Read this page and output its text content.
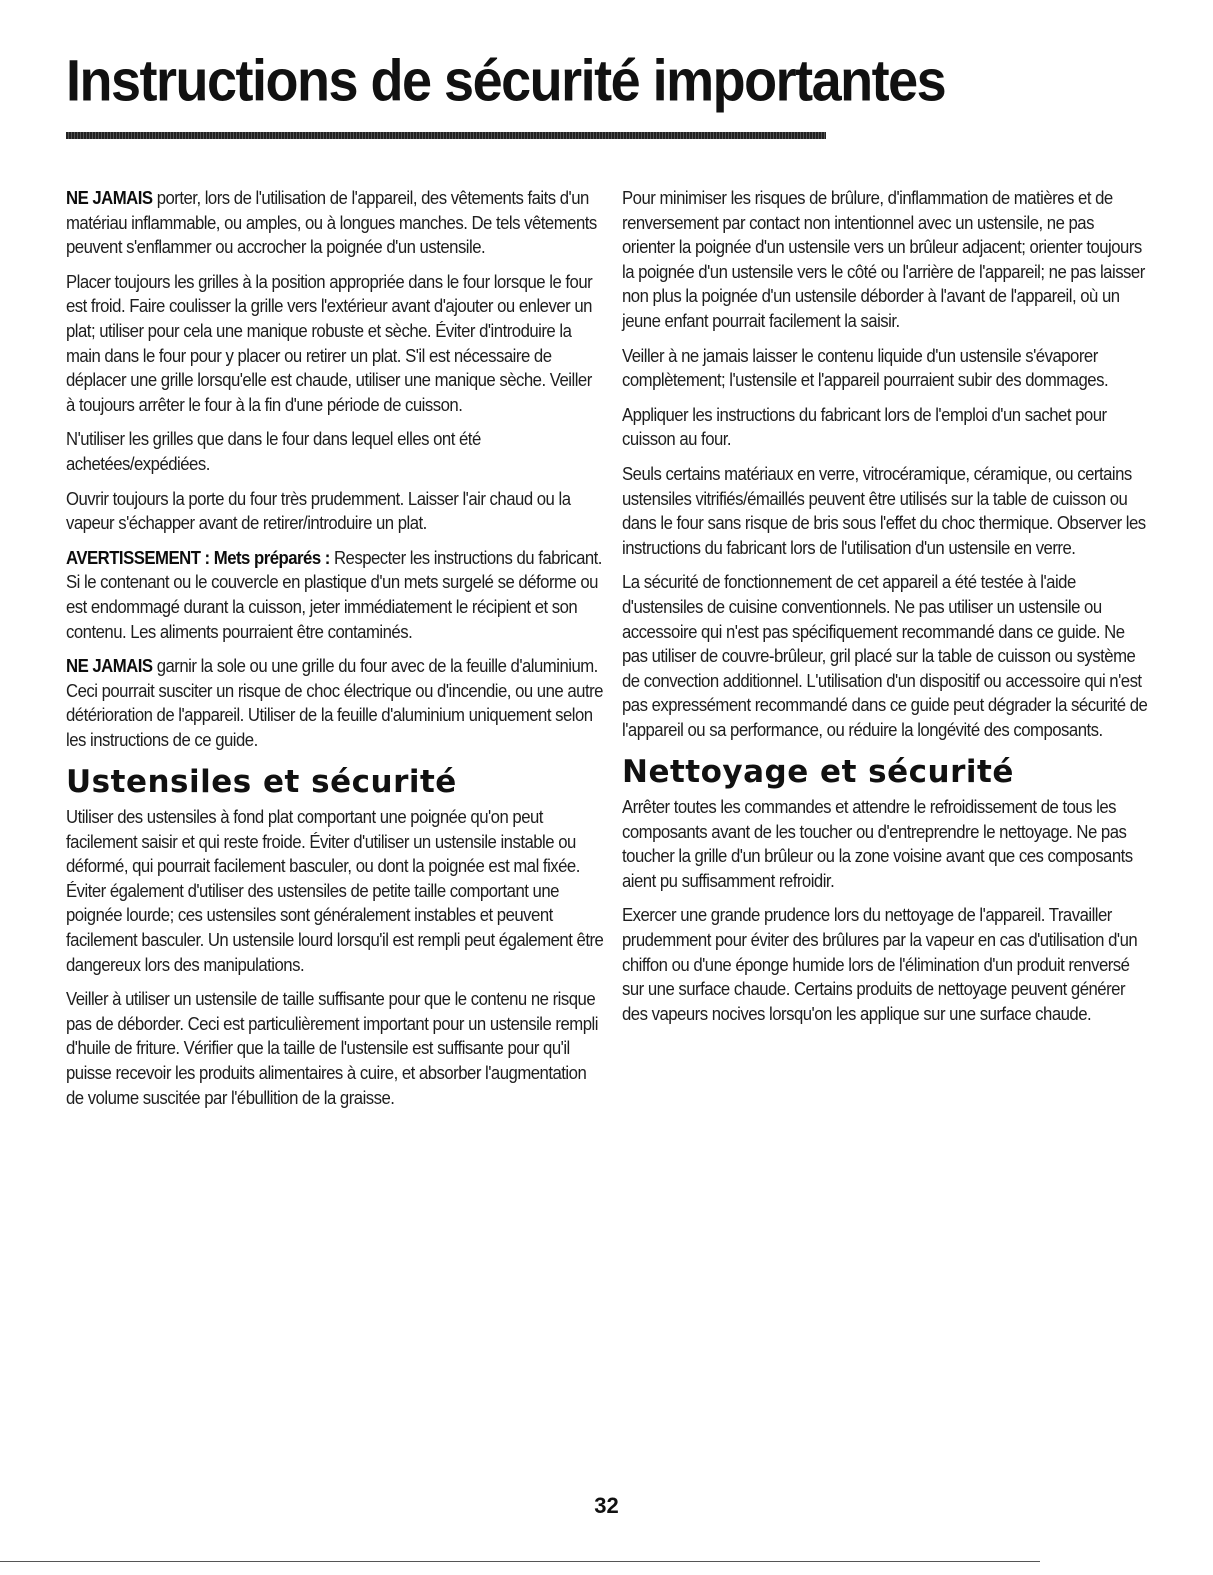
Instructions de sécurité importantes

NE JAMAIS porter, lors de l'utilisation de l'appareil, des vêtements faits d'un matériau inflammable, ou amples, ou à longues manches. De tels vêtements peuvent s'enflammer ou accrocher la poignée d'un ustensile.

Placer toujours les grilles à la position appropriée dans le four lorsque le four est froid. Faire coulisser la grille vers l'extérieur avant d'ajouter ou enlever un plat; utiliser pour cela une manique robuste et sèche. Éviter d'introduire la main dans le four pour y placer ou retirer un plat. S'il est nécessaire de déplacer une grille lorsqu'elle est chaude, utiliser une manique sèche. Veiller à toujours arrêter le four à la fin d'une période de cuisson.

N'utiliser les grilles que dans le four dans lequel elles ont été achetées/expédiées.

Ouvrir toujours la porte du four très prudemment. Laisser l'air chaud ou la vapeur s'échapper avant de retirer/introduire un plat.

AVERTISSEMENT : Mets préparés : Respecter les instructions du fabricant. Si le contenant ou le couvercle en plastique d'un mets surgelé se déforme ou est endommagé durant la cuisson, jeter immédiatement le récipient et son contenu. Les aliments pourraient être contaminés.

NE JAMAIS garnir la sole ou une grille du four avec de la feuille d'aluminium. Ceci pourrait susciter un risque de choc électrique ou d'incendie, ou une autre détérioration de l'appareil. Utiliser de la feuille d'aluminium uniquement selon les instructions de ce guide.

Ustensiles et sécurité

Utiliser des ustensiles à fond plat comportant une poignée qu'on peut facilement saisir et qui reste froide. Éviter d'utiliser un ustensile instable ou déformé, qui pourrait facilement basculer, ou dont la poignée est mal fixée. Éviter également d'utiliser des ustensiles de petite taille comportant une poignée lourde; ces ustensiles sont généralement instables et peuvent facilement basculer. Un ustensile lourd lorsqu'il est rempli peut également être dangereux lors des manipulations.

Veiller à utiliser un ustensile de taille suffisante pour que le contenu ne risque pas de déborder. Ceci est particulièrement important pour un ustensile rempli d'huile de friture. Vérifier que la taille de l'ustensile est suffisante pour qu'il puisse recevoir les produits alimentaires à cuire, et absorber l'augmentation de volume suscitée par l'ébullition de la graisse.

Pour minimiser les risques de brûlure, d'inflammation de matières et de renversement par contact non intentionnel avec un ustensile, ne pas orienter la poignée d'un ustensile vers un brûleur adjacent; orienter toujours la poignée d'un ustensile vers le côté ou l'arrière de l'appareil; ne pas laisser non plus la poignée d'un ustensile déborder à l'avant de l'appareil, où un jeune enfant pourrait facilement la saisir.

Veiller à ne jamais laisser le contenu liquide d'un ustensile s'évaporer complètement; l'ustensile et l'appareil pourraient subir des dommages.

Appliquer les instructions du fabricant lors de l'emploi d'un sachet pour cuisson au four.

Seuls certains matériaux en verre, vitrocéramique, céramique, ou certains ustensiles vitrifiés/émaillés peuvent être utilisés sur la table de cuisson ou dans le four sans risque de bris sous l'effet du choc thermique. Observer les instructions du fabricant lors de l'utilisation d'un ustensile en verre.

La sécurité de fonctionnement de cet appareil a été testée à l'aide d'ustensiles de cuisine conventionnels. Ne pas utiliser un ustensile ou accessoire qui n'est pas spécifiquement recommandé dans ce guide. Ne pas utiliser de couvre-brûleur, gril placé sur la table de cuisson ou système de convection additionnel. L'utilisation d'un dispositif ou accessoire qui n'est pas expressément recommandé dans ce guide peut dégrader la sécurité de l'appareil ou sa performance, ou réduire la longévité des composants.

Nettoyage et sécurité

Arrêter toutes les commandes et attendre le refroidissement de tous les composants avant de les toucher ou d'entreprendre le nettoyage. Ne pas toucher la grille d'un brûleur ou la zone voisine avant que ces composants aient pu suffisamment refroidir.

Exercer une grande prudence lors du nettoyage de l'appareil. Travailler prudemment pour éviter des brûlures par la vapeur en cas d'utilisation d'un chiffon ou d'une éponge humide lors de l'élimination d'un produit renversé sur une surface chaude. Certains produits de nettoyage peuvent générer des vapeurs nocives lorsqu'on les applique sur une surface chaude.

32
